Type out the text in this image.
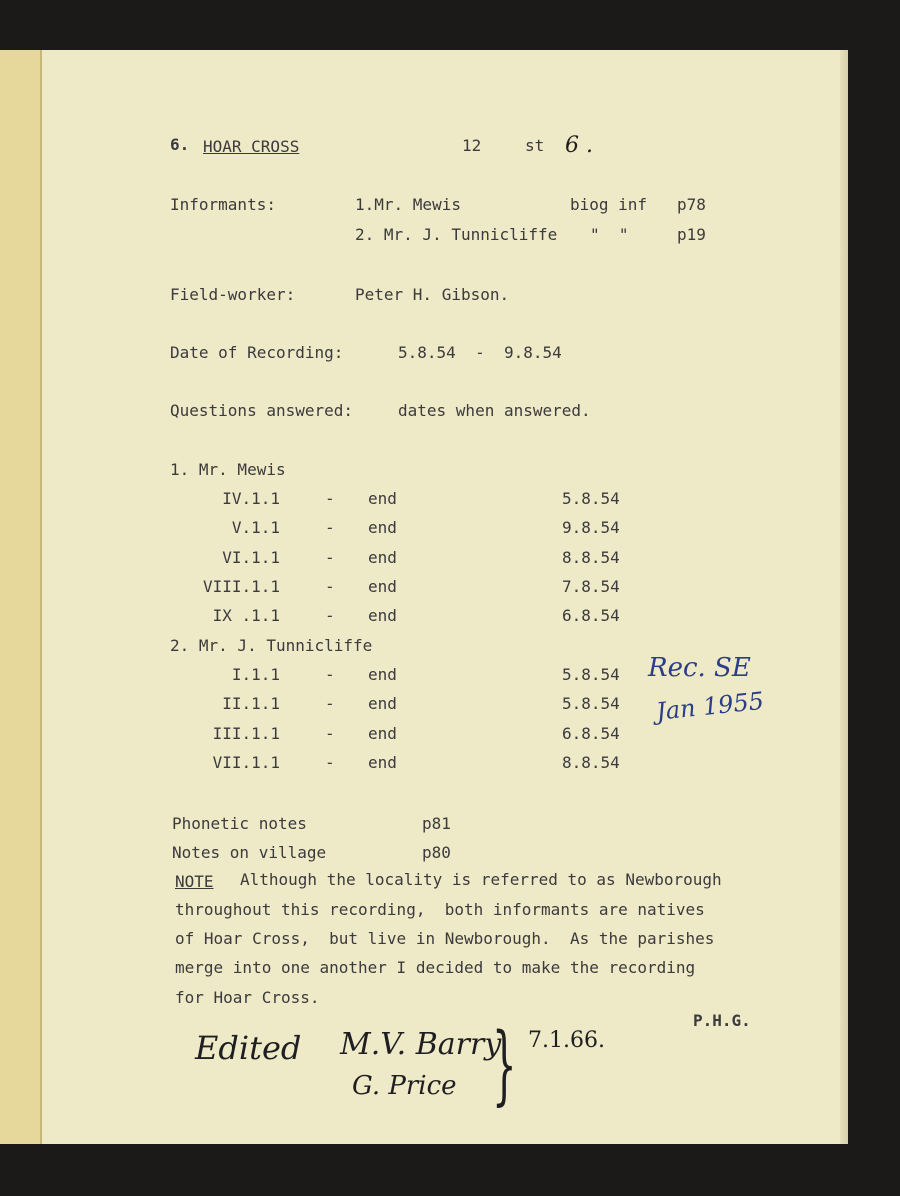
6. HOAR CROSS	12	st 6 .
Informants:	1.Mr. Mewis	biog inf p78
2. Mr. J. Tunnicliffe "  "	p19
Field-worker:	Peter H. Gibson.
Date of Recording:	5.8.54  -  9.8.54
Questions answered:	dates when answered.
1. Mr. Mewis
IV.1.1	- end	5.8.54
V.1.1	- end	9.8.54
VI.1.1	- end	8.8.54
VIII.1.1	- end	7.8.54
IX .1.1	- end	6.8.54
2. Mr. J. Tunnicliffe
I.1.1	- end	5.8.54
II.1.1	- end	5.8.54
III.1.1	- end	6.8.54
VII.1.1	- end	8.8.54
Rec. SE
Jan 1955
Phonetic notes	p81
Notes on village	p80
NOTE Although the locality is referred to as Newborough
throughout this recording,  both informants are natives
of Hoar Cross,  but live in Newborough.  As the parishes
merge into one another I decided to make the recording
for Hoar Cross.
P.H.G.
Edited M.V. Barry
G. Price } 7.1.66.
